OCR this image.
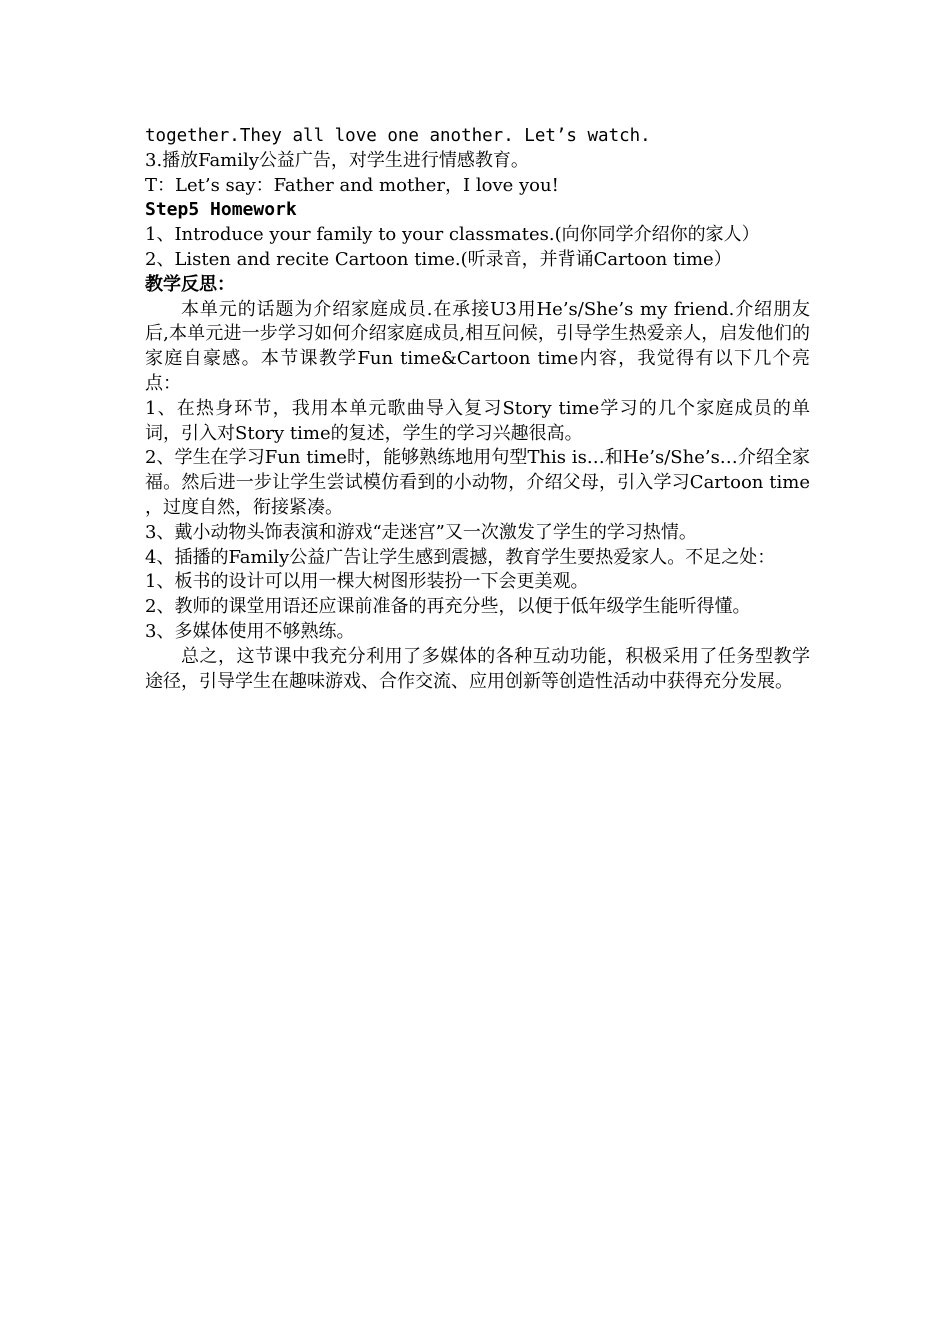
together.They all love one another. Let’s watch.
3.播放Family公益广告，对学生进行情感教育。
T：Let’s say：Father and mother，I love you!
Step5 Homework
1、Introduce your family to your classmates.(向你同学介绍你的家人）
2、Listen and recite Cartoon time.(听录音，并背诵Cartoon time）
教学反思：
本单元的话题为介绍家庭成员.在承接U3用He’s/She’s my friend.介绍朋友后,本单元进一步学习如何介绍家庭成员,相互问候，引导学生热爱亲人，启发他们的家庭自豪感。本节课教学Fun time&Cartoon time内容，我觉得有以下几个亮点：
1、在热身环节，我用本单元歌曲导入复习Story time学习的几个家庭成员的单词，引入对Story time的复述，学生的学习兴趣很高。
2、学生在学习Fun time时，能够熟练地用句型This is…和He’s/She’s…介绍全家福。然后进一步让学生尝试模仿看到的小动物，介绍父母，引入学习Cartoon time ，过度自然，衔接紧凑。
3、戴小动物头饰表演和游戏“走迷宫”又一次激发了学生的学习热情。
4、插播的Family公益广告让学生感到震撼，教育学生要热爱家人。不足之处：
1、板书的设计可以用一棵大树图形装扮一下会更美观。
2、教师的课堂用语还应课前准备的再充分些，以便于低年级学生能听得懂。
3、多媒体使用不够熟练。
总之，这节课中我充分利用了多媒体的各种互动功能，积极采用了任务型教学途径，引导学生在趣味游戏、合作交流、应用创新等创造性活动中获得充分发展。
